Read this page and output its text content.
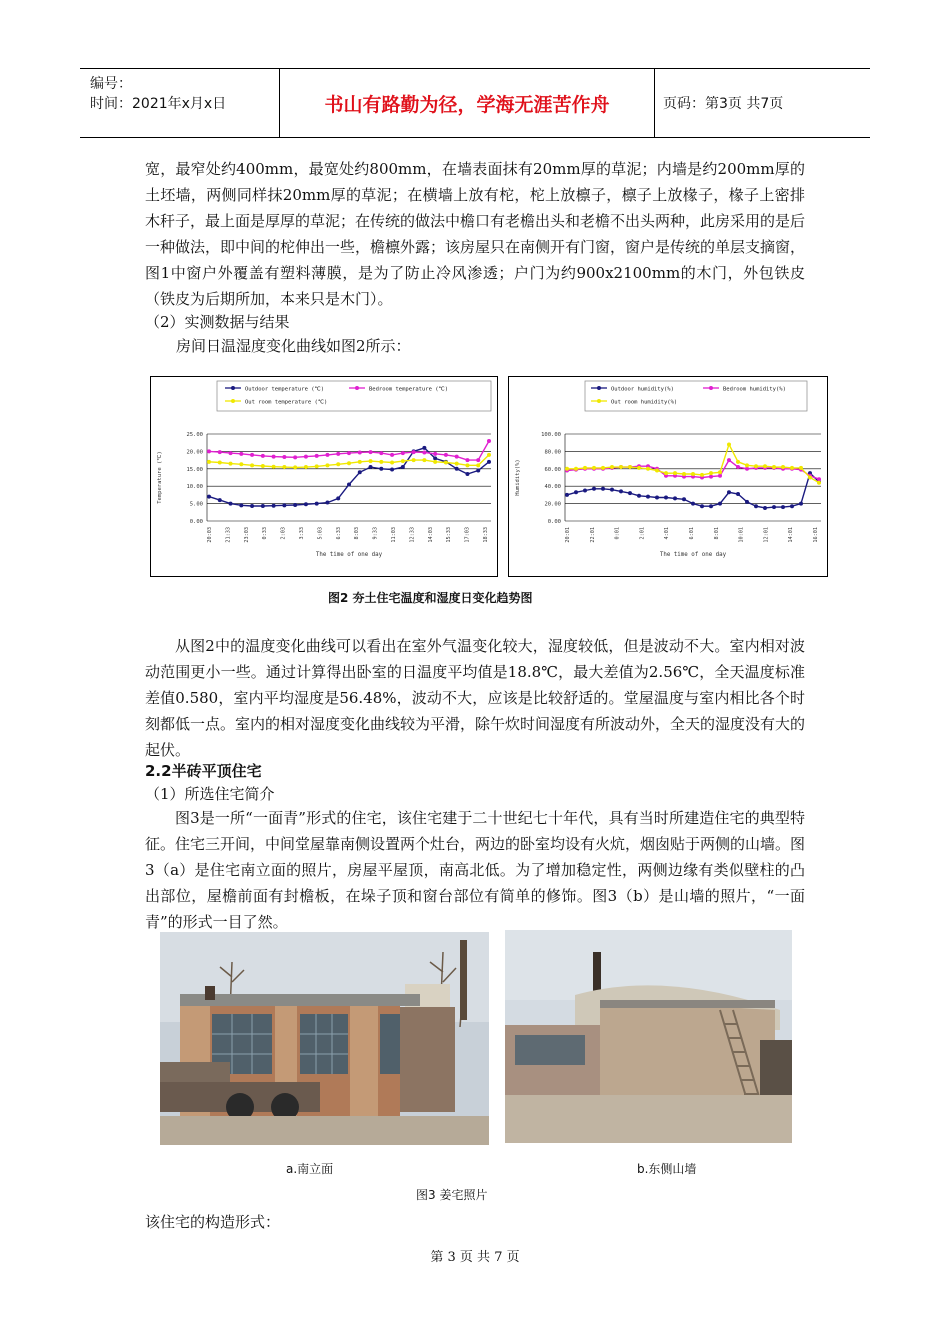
编号：
时间：2021年x月x日	书山有路勤为径，学海无涯苦作舟	页码：第3页 共7页
宽，最窄处约400mm，最宽处约800mm，在墙表面抹有20mm厚的草泥；内墙是约200mm厚的土坯墙，两侧同样抹20mm厚的草泥；在横墙上放有柁，柁上放檩子，檩子上放椽子，椽子上密排木秆子，最上面是厚厚的草泥；在传统的做法中檐口有老檐出头和老檐不出头两种，此房采用的是后一种做法，即中间的柁伸出一些，檐檩外露；该房屋只在南侧开有门窗，窗户是传统的单层支摘窗，图1中窗户外覆盖有塑料薄膜，是为了防止冷风渗透；户门为约900x2100mm的木门，外包铁皮（铁皮为后期所加，本来只是木门）。
（2）实测数据与结果
房间日温湿度变化曲线如图2所示：
Outdoor temperature (℃)	Bedroom temperature (℃)
Out room temperature (℃)
25.00
20.00
15.00
10.00
5.00
0.00
20:03 21:33 23:03 0:33 2:03 3:33 5:03 6:33 8:03 9:33 11:03 12:33 14:03 15:33 17:03 18:33
Temperature (℃)
The time of one day
Outdoor humidity(%)	Bedroom humidity(%)
Out room humidity(%)
100.00
80.00
60.00
40.00
20.00
0.00
20:01	22:01	0:01	2:01	4:01	6:01	8:01	10:01	12:01	14:01	16:01
Humidity(%)
The time of one day
图2 夯土住宅温度和湿度日变化趋势图
从图2中的温度变化曲线可以看出在室外气温变化较大，湿度较低，但是波动不大。室内相对波动范围更小一些。通过计算得出卧室的日温度平均值是18.8℃，最大差值为2.56℃，全天温度标准差值0.580，室内平均湿度是56.48%，波动不大，应该是比较舒适的。堂屋温度与室内相比各个时刻都低一点。室内的相对湿度变化曲线较为平滑，除午炊时间湿度有所波动外，全天的湿度没有大的起伏。
2.2半砖平顶住宅
（1）所选住宅简介
图3是一所“一面青”形式的住宅，该住宅建于二十世纪七十年代，具有当时所建造住宅的典型特征。住宅三开间，中间堂屋靠南侧设置两个灶台，两边的卧室均设有火炕，烟囱贴于两侧的山墙。图3（a）是住宅南立面的照片，房屋平屋顶，南高北低。为了增加稳定性，两侧边缘有类似壁柱的凸出部位，屋檐前面有封檐板，在垛子顶和窗台部位有简单的修饰。图3（b）是山墙的照片，“一面青”的形式一目了然。
a.南立面	b.东侧山墙
图3 姜宅照片
该住宅的构造形式：
第 3 页 共 7 页
